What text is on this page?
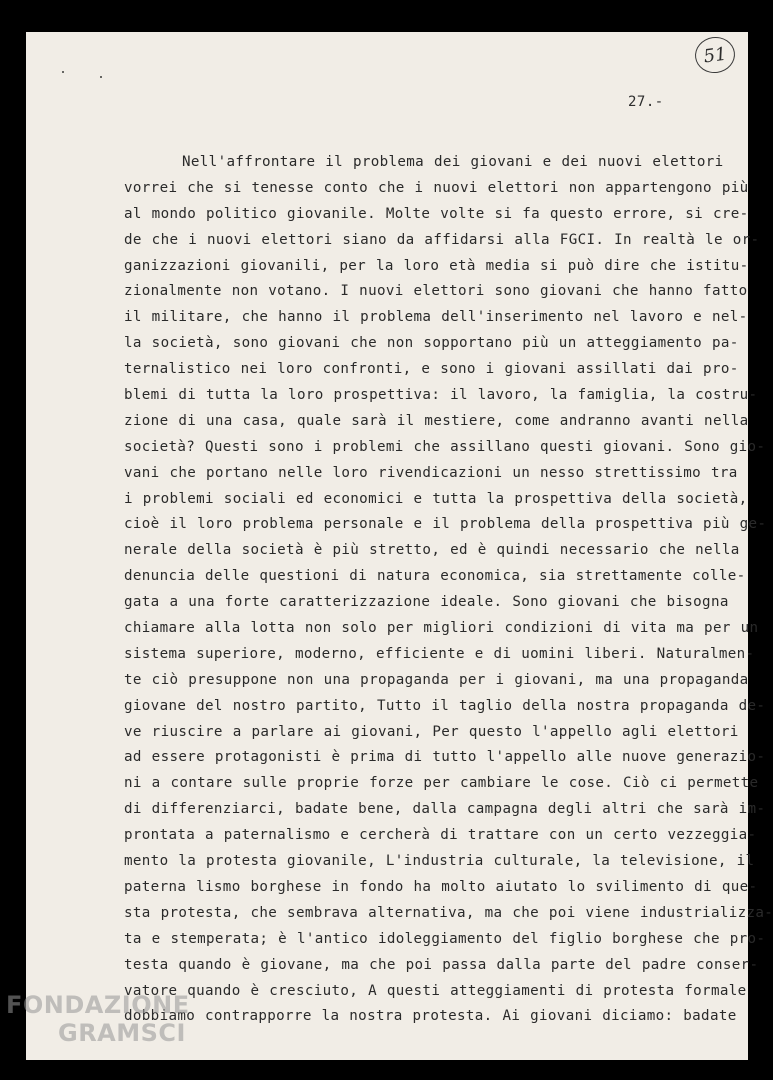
51
27.-
Nell'affrontare il problema dei giovani e dei nuovi elettori
vorrei che si tenesse conto che i nuovi elettori non appartengono più
al mondo politico giovanile. Molte volte si fa questo errore, si cre-
de che i nuovi elettori siano da affidarsi alla FGCI. In realtà le or-
ganizzazioni giovanili, per la loro età media si può dire che istitu-
zionalmente non votano. I nuovi elettori sono giovani che hanno fatto
il militare, che hanno il problema dell'inserimento nel lavoro e nel-
la società, sono giovani che non sopportano più un atteggiamento pa-
ternalistico nei loro confronti, e sono i giovani assillati dai pro-
blemi di tutta la loro prospettiva: il lavoro, la famiglia, la costru-
zione di una casa, quale sarà il mestiere, come andranno avanti nella
società? Questi sono i problemi che assillano questi giovani. Sono gio-
vani che portano nelle loro rivendicazioni un nesso strettissimo tra
i problemi sociali ed economici e tutta la prospettiva della società,
cioè il loro problema personale e il problema della prospettiva più ge-
nerale della società è più stretto, ed è quindi necessario che nella
denuncia delle questioni di natura economica, sia strettamente colle-
gata a una forte caratterizzazione ideale. Sono giovani che bisogna
chiamare alla lotta non solo per migliori condizioni di vita ma per un
sistema superiore, moderno, efficiente e di uomini liberi. Naturalmen-
te ciò presuppone non una propaganda per i giovani, ma una propaganda
giovane del nostro partito, Tutto il taglio della nostra propaganda de-
ve riuscire a parlare ai giovani, Per questo l'appello agli elettori
ad essere protagonisti è prima di tutto l'appello alle nuove generazio-
ni a contare sulle proprie forze per cambiare le cose. Ciò ci permette
di differenziarci, badate bene, dalla campagna degli altri che sarà im-
prontata a paternalismo e cercherà di trattare con un certo vezzeggia-
mento la protesta giovanile, L'industria culturale, la televisione, il
paterna lismo borghese in fondo ha molto aiutato lo svilimento di que-
sta protesta, che sembrava alternativa, ma che poi viene industrializza-
ta e stemperata; è l'antico idoleggiamento del figlio borghese che pro-
testa quando è giovane, ma che poi passa dalla parte del padre conser-
vatore quando è cresciuto, A questi atteggiamenti di protesta formale
dobbiamo contrapporre la nostra protesta. Ai giovani diciamo: badate
FONDAZIONE
GRAMSCI
